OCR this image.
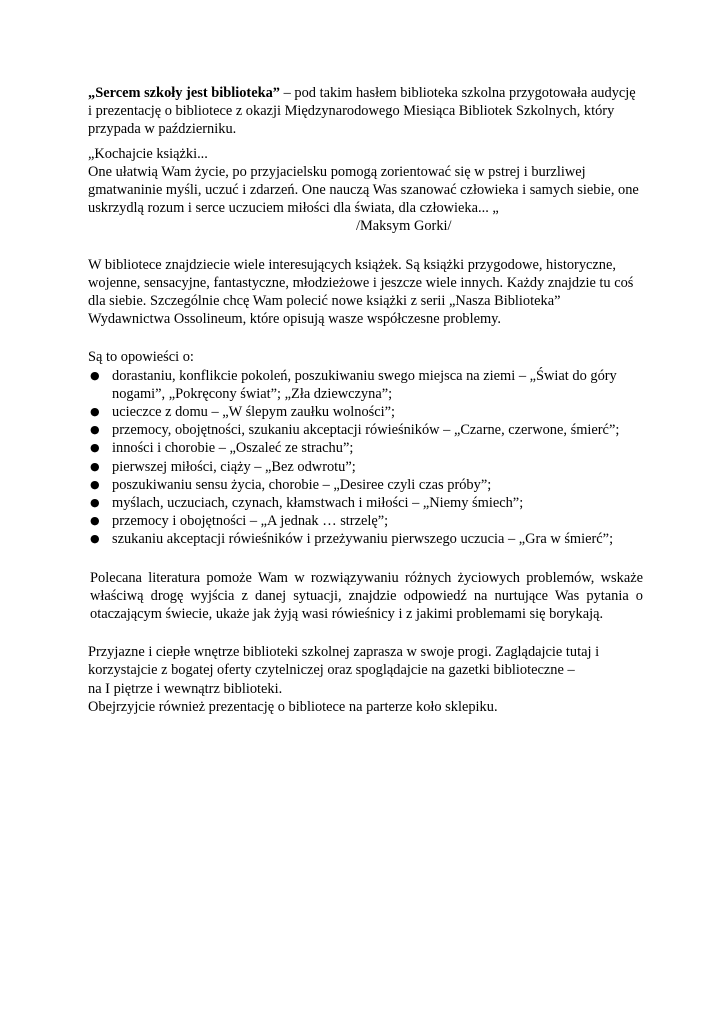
„Sercem szkoły jest biblioteka” – pod takim hasłem biblioteka szkolna przygotowała audycję i prezentację o bibliotece z okazji Międzynarodowego Miesiąca Bibliotek Szkolnych, który przypada w październiku.

„Kochajcie książki...

One ułatwią Wam życie, po przyjacielsku pomogą zorientować się w pstrej i burzliwej gmatwaninie myśli, uczuć i zdarzeń. One nauczą Was szanować człowieka i samych siebie, one uskrzydlą rozum i serce uczuciem miłości dla świata, dla człowieka... „

/Maksym Gorki/

W bibliotece znajdziecie wiele interesujących książek. Są książki przygodowe, historyczne, wojenne, sensacyjne, fantastyczne, młodzieżowe i jeszcze wiele innych. Każdy znajdzie tu coś dla siebie. Szczególnie chcę Wam polecić nowe książki z serii „Nasza Biblioteka” Wydawnictwa Ossolineum, które opisują wasze współczesne problemy.

Są to opowieści o:

● dorastaniu, konflikcie pokoleń, poszukiwaniu swego miejsca na ziemi – „Świat do góry nogami”, „Pokręcony świat”; „Zła dziewczyna”;
● ucieczce z domu – „W ślepym zaułku wolności”;
● przemocy, obojętności, szukaniu akceptacji rówieśników – „Czarne, czerwone, śmierć”;
● inności i chorobie – „Oszaleć ze strachu”;
● pierwszej miłości, ciąży – „Bez odwrotu”;
● poszukiwaniu sensu życia, chorobie – „Desiree czyli czas próby”;
● myślach, uczuciach, czynach, kłamstwach i miłości – „Niemy śmiech”;
● przemocy i obojętności – „A jednak … strzelę”;
● szukaniu akceptacji rówieśników i przeżywaniu pierwszego uczucia – „Gra w śmierć”;

Polecana literatura pomoże Wam w rozwiązywaniu różnych życiowych problemów, wskaże właściwą drogę wyjścia z danej sytuacji, znajdzie odpowiedź na nurtujące Was pytania o otaczającym świecie, ukaże jak żyją wasi rówieśnicy i z jakimi problemami się borykają.

Przyjazne i ciepłe wnętrze biblioteki szkolnej zaprasza w swoje progi. Zaglądajcie tutaj i korzystajcie z bogatej oferty czytelniczej oraz spoglądajcie na gazetki biblioteczne –

na I piętrze i wewnątrz biblioteki.

Obejrzyjcie również prezentację o bibliotece na parterze koło sklepiku.
